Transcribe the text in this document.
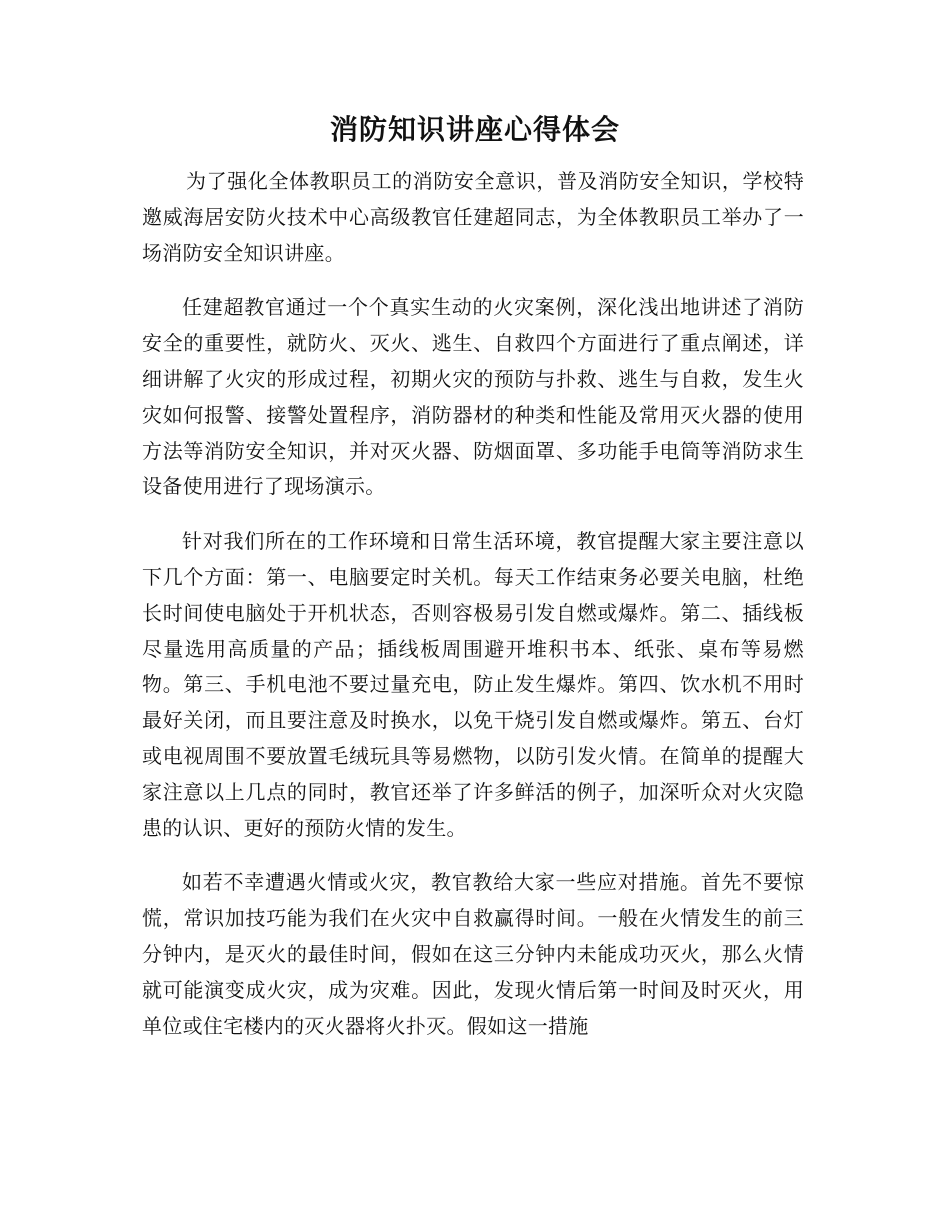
消防知识讲座心得体会

为了强化全体教职员工的消防安全意识，普及消防安全知识，学校特邀威海居安防火技术中心高级教官任建超同志，为全体教职员工举办了一场消防安全知识讲座。

任建超教官通过一个个真实生动的火灾案例，深化浅出地讲述了消防安全的重要性，就防火、灭火、逃生、自救四个方面进行了重点阐述，详细讲解了火灾的形成过程，初期火灾的预防与扑救、逃生与自救，发生火灾如何报警、接警处置程序，消防器材的种类和性能及常用灭火器的使用方法等消防安全知识，并对灭火器、防烟面罩、多功能手电筒等消防求生设备使用进行了现场演示。

针对我们所在的工作环境和日常生活环境，教官提醒大家主要注意以下几个方面：第一、电脑要定时关机。每天工作结束务必要关电脑，杜绝长时间使电脑处于开机状态，否则容极易引发自燃或爆炸。第二、插线板尽量选用高质量的产品；插线板周围避开堆积书本、纸张、桌布等易燃物。第三、手机电池不要过量充电，防止发生爆炸。第四、饮水机不用时最好关闭，而且要注意及时换水，以免干烧引发自燃或爆炸。第五、台灯或电视周围不要放置毛绒玩具等易燃物，以防引发火情。在简单的提醒大家注意以上几点的同时，教官还举了许多鲜活的例子，加深听众对火灾隐患的认识、更好的预防火情的发生。

如若不幸遭遇火情或火灾，教官教给大家一些应对措施。首先不要惊慌，常识加技巧能为我们在火灾中自救赢得时间。一般在火情发生的前三分钟内，是灭火的最佳时间，假如在这三分钟内未能成功灭火，那么火情就可能演变成火灾，成为灾难。因此，发现火情后第一时间及时灭火，用单位或住宅楼内的灭火器将火扑灭。假如这一措施
